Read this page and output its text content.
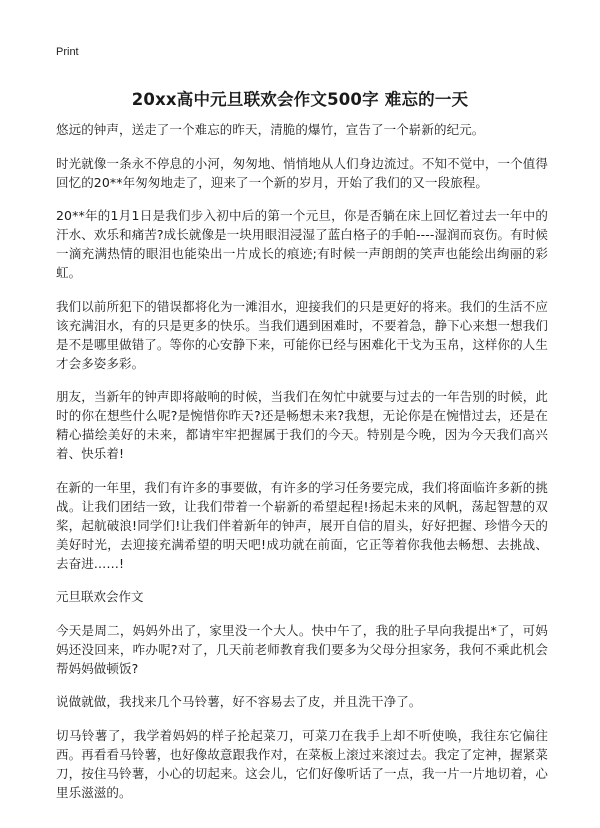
Print
20xx高中元旦联欢会作文500字 难忘的一天

悠远的钟声，送走了一个难忘的昨天，清脆的爆竹，宣告了一个崭新的纪元。

时光就像一条永不停息的小河，匆匆地、悄悄地从人们身边流过。不知不觉中，一个值得回忆的20**年匆匆地走了，迎来了一个新的岁月，开始了我们的又一段旅程。

20**年的1月1日是我们步入初中后的第一个元旦，你是否躺在床上回忆着过去一年中的汗水、欢乐和痛苦?成长就像是一块用眼泪浸湿了蓝白格子的手帕----湿润而哀伤。有时候一滴充满热情的眼泪也能染出一片成长的痕迹;有时候一声朗朗的笑声也能绘出绚丽的彩虹。

我们以前所犯下的错误都将化为一滩泪水，迎接我们的只是更好的将来。我们的生活不应该充满泪水，有的只是更多的快乐。当我们遇到困难时，不要着急，静下心来想一想我们是不是哪里做错了。等你的心安静下来，可能你已经与困难化干戈为玉帛，这样你的人生才会多姿多彩。

朋友，当新年的钟声即将敲响的时候，当我们在匆忙中就要与过去的一年告别的时候，此时的你在想些什么呢?是惋惜你昨天?还是畅想未来?我想，无论你是在惋惜过去，还是在精心描绘美好的未来，都请牢牢把握属于我们的今天。特别是今晚，因为今天我们高兴着、快乐着!

在新的一年里，我们有许多的事要做，有许多的学习任务要完成，我们将面临许多新的挑战。让我们团结一致，让我们带着一个崭新的希望起程!扬起未来的风帆，荡起智慧的双桨，起航破浪!同学们!让我们伴着新年的钟声，展开自信的眉头，好好把握、珍惜今天的美好时光，去迎接充满希望的明天吧!成功就在前面，它正等着你我他去畅想、去挑战、去奋进……!

元旦联欢会作文

今天是周二，妈妈外出了，家里没一个大人。快中午了，我的肚子早向我提出*了，可妈妈还没回来，咋办呢?对了，几天前老师教育我们要多为父母分担家务，我何不乘此机会帮妈妈做顿饭?

说做就做，我找来几个马铃薯，好不容易去了皮，并且洗干净了。

切马铃薯了，我学着妈妈的样子抡起菜刀，可菜刀在我手上却不听使唤，我往东它偏往西。再看看马铃薯，也好像故意跟我作对，在菜板上滚过来滚过去。我定了定神，握紧菜刀，按住马铃薯，小心的切起来。这会儿，它们好像听话了一点，我一片一片地切着，心里乐滋滋的。
